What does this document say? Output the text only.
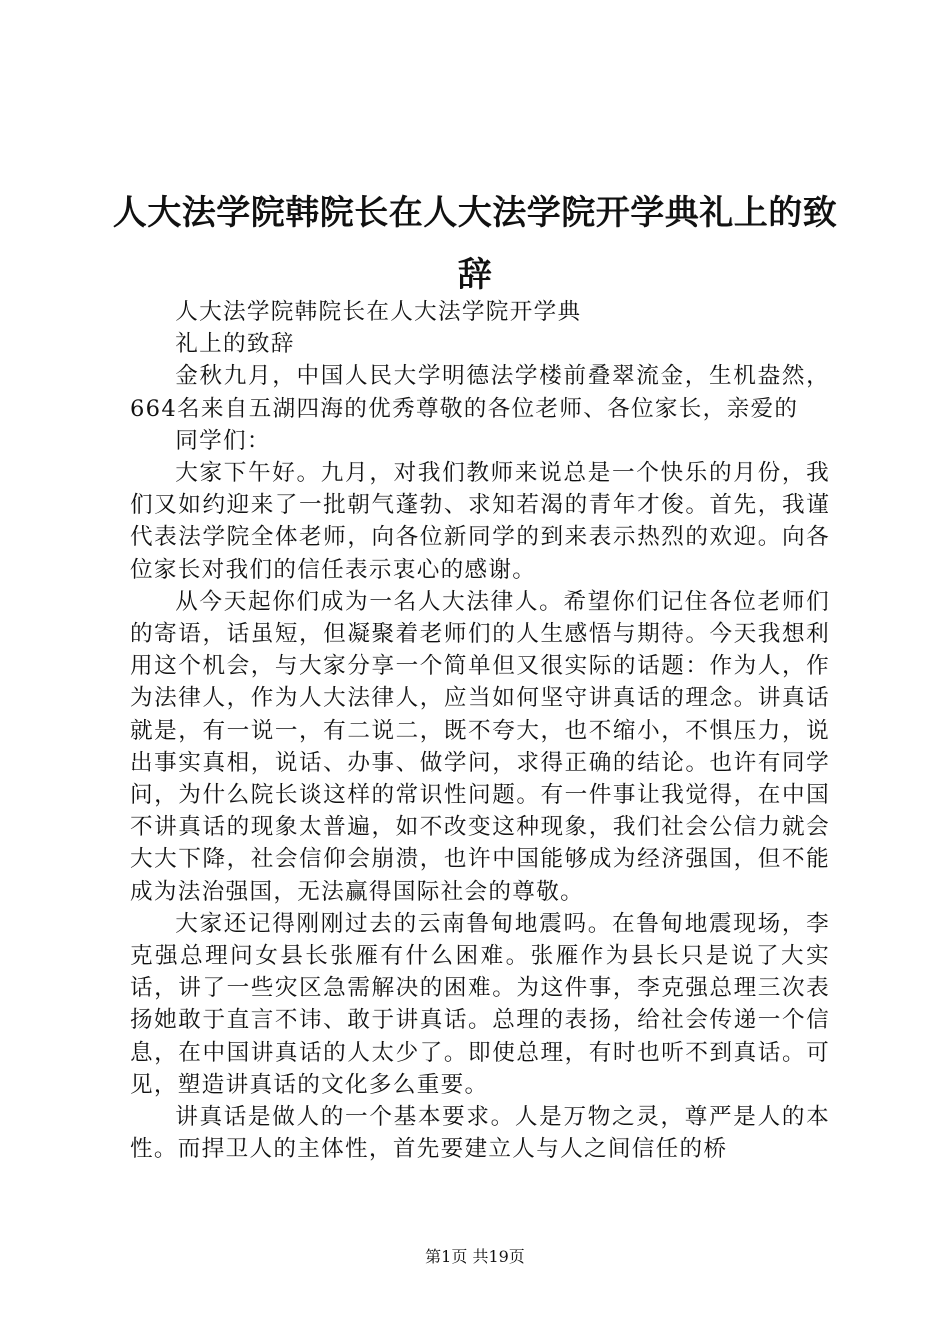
人大法学院韩院长在人大法学院开学典礼上的致辞

人大法学院韩院长在人大法学院开学典

礼上的致辞

金秋九月，中国人民大学明德法学楼前叠翠流金，生机盎然，664名来自五湖四海的优秀尊敬的各位老师、各位家长，亲爱的

同学们：

大家下午好。九月，对我们教师来说总是一个快乐的月份，我们又如约迎来了一批朝气蓬勃、求知若渴的青年才俊。首先，我谨代表法学院全体老师，向各位新同学的到来表示热烈的欢迎。向各位家长对我们的信任表示衷心的感谢。

从今天起你们成为一名人大法律人。希望你们记住各位老师们的寄语，话虽短，但凝聚着老师们的人生感悟与期待。今天我想利用这个机会，与大家分享一个简单但又很实际的话题：作为人，作为法律人，作为人大法律人，应当如何坚守讲真话的理念。讲真话就是，有一说一，有二说二，既不夸大，也不缩小，不惧压力，说出事实真相，说话、办事、做学问，求得正确的结论。也许有同学问，为什么院长谈这样的常识性问题。有一件事让我觉得，在中国不讲真话的现象太普遍，如不改变这种现象，我们社会公信力就会大大下降，社会信仰会崩溃，也许中国能够成为经济强国，但不能成为法治强国，无法赢得国际社会的尊敬。

大家还记得刚刚过去的云南鲁甸地震吗。在鲁甸地震现场，李克强总理问女县长张雁有什么困难。张雁作为县长只是说了大实话，讲了一些灾区急需解决的困难。为这件事，李克强总理三次表扬她敢于直言不讳、敢于讲真话。总理的表扬，给社会传递一个信息，在中国讲真话的人太少了。即使总理，有时也听不到真话。可见，塑造讲真话的文化多么重要。

讲真话是做人的一个基本要求。人是万物之灵，尊严是人的本性。而捍卫人的主体性，首先要建立人与人之间信任的桥

第1页 共19页
